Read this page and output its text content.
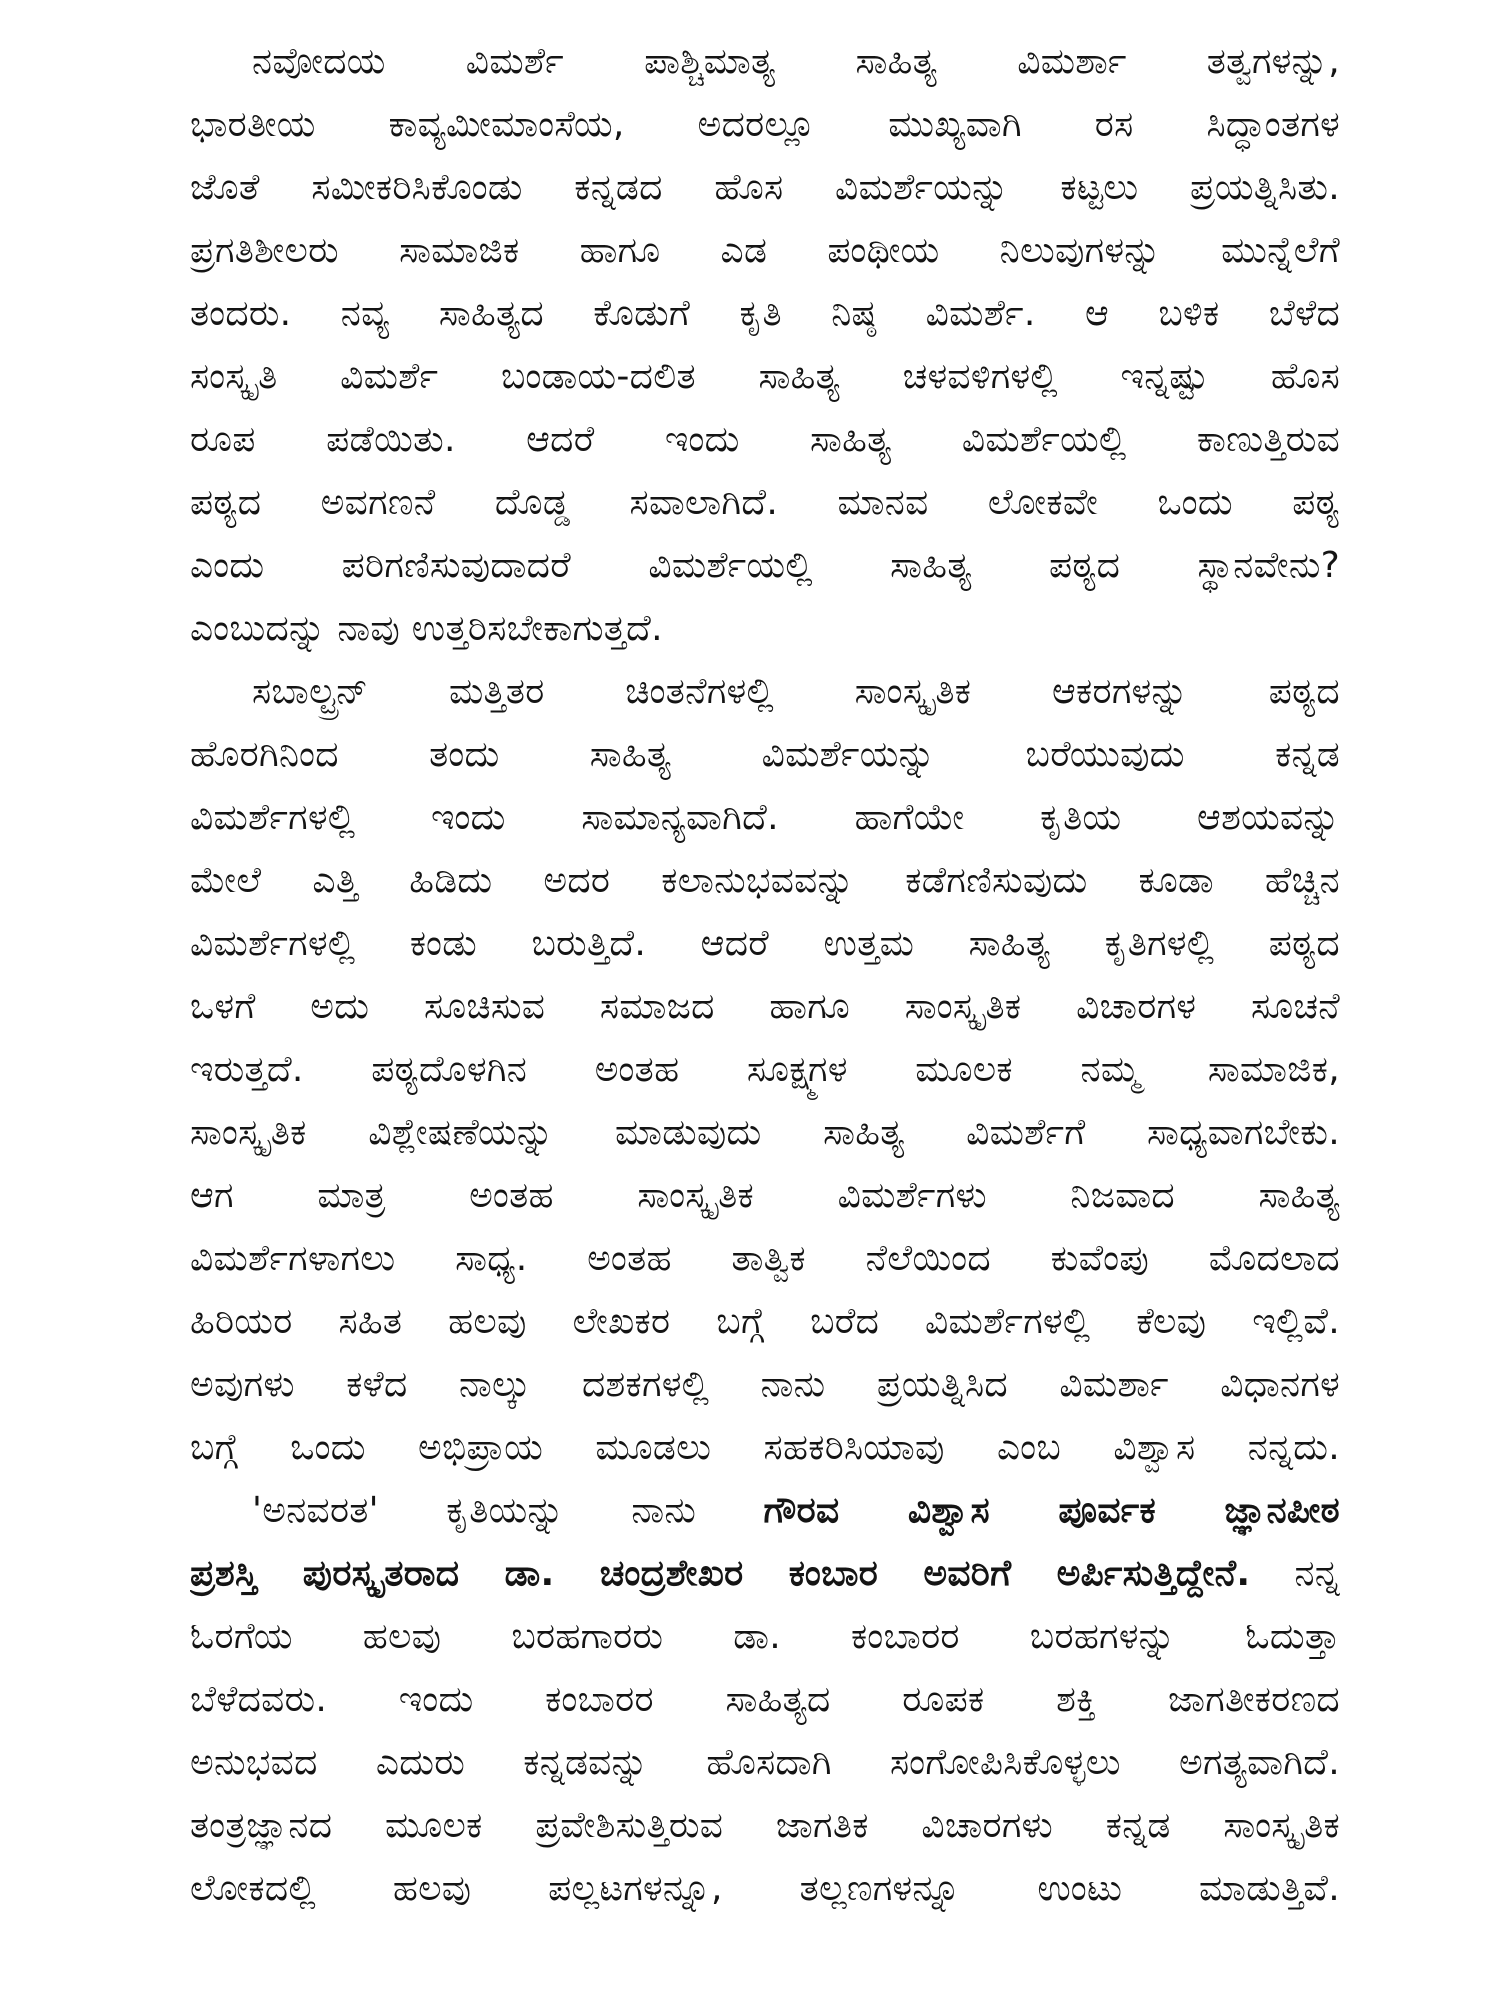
ನವೋದಯ ವಿಮರ್ಶೆ ಪಾಶ್ಚಿಮಾತ್ಯ ಸಾಹಿತ್ಯ ವಿಮರ್ಶಾ ತತ್ವಗಳನ್ನು,
ಭಾರತೀಯ ಕಾವ್ಯಮೀಮಾಂಸೆಯ, ಅದರಲ್ಲೂ ಮುಖ್ಯವಾಗಿ ರಸ ಸಿದ್ಧಾಂತಗಳ
ಜೊತೆ ಸಮೀಕರಿಸಿಕೊಂಡು ಕನ್ನಡದ ಹೊಸ ವಿಮರ್ಶೆಯನ್ನು ಕಟ್ಟಲು ಪ್ರಯತ್ನಿಸಿತು.
ಪ್ರಗತಿಶೀಲರು ಸಾಮಾಜಿಕ ಹಾಗೂ ಎಡ ಪಂಥೀಯ ನಿಲುವುಗಳನ್ನು ಮುನ್ನೆಲೆಗೆ
ತಂದರು. ನವ್ಯ ಸಾಹಿತ್ಯದ ಕೊಡುಗೆ ಕೃತಿ ನಿಷ್ಠ ವಿಮರ್ಶೆ. ಆ ಬಳಿಕ ಬೆಳೆದ
ಸಂಸ್ಕೃತಿ ವಿಮರ್ಶೆ ಬಂಡಾಯ-ದಲಿತ ಸಾಹಿತ್ಯ ಚಳವಳಿಗಳಲ್ಲಿ ಇನ್ನಷ್ಟು ಹೊಸ
ರೂಪ ಪಡೆಯಿತು. ಆದರೆ ಇಂದು ಸಾಹಿತ್ಯ ವಿಮರ್ಶೆಯಲ್ಲಿ ಕಾಣುತ್ತಿರುವ
ಪಠ್ಯದ ಅವಗಣನೆ ದೊಡ್ಡ ಸವಾಲಾಗಿದೆ. ಮಾನವ ಲೋಕವೇ ಒಂದು ಪಠ್ಯ
ಎಂದು ಪರಿಗಣಿಸುವುದಾದರೆ ವಿಮರ್ಶೆಯಲ್ಲಿ ಸಾಹಿತ್ಯ ಪಠ್ಯದ ಸ್ಥಾನವೇನು?
ಎಂಬುದನ್ನು ನಾವು ಉತ್ತರಿಸಬೇಕಾಗುತ್ತದೆ.
ಸಬಾಲ್ಟ್ರನ್ ಮತ್ತಿತರ ಚಿಂತನೆಗಳಲ್ಲಿ ಸಾಂಸ್ಕೃತಿಕ ಆಕರಗಳನ್ನು ಪಠ್ಯದ
ಹೊರಗಿನಿಂದ ತಂದು ಸಾಹಿತ್ಯ ವಿಮರ್ಶೆಯನ್ನು ಬರೆಯುವುದು ಕನ್ನಡ
ವಿಮರ್ಶೆಗಳಲ್ಲಿ ಇಂದು ಸಾಮಾನ್ಯವಾಗಿದೆ. ಹಾಗೆಯೇ ಕೃತಿಯ ಆಶಯವನ್ನು
ಮೇಲೆ ಎತ್ತಿ ಹಿಡಿದು ಅದರ ಕಲಾನುಭವವನ್ನು ಕಡೆಗಣಿಸುವುದು ಕೂಡಾ ಹೆಚ್ಚಿನ
ವಿಮರ್ಶೆಗಳಲ್ಲಿ ಕಂಡು ಬರುತ್ತಿದೆ. ಆದರೆ ಉತ್ತಮ ಸಾಹಿತ್ಯ ಕೃತಿಗಳಲ್ಲಿ ಪಠ್ಯದ
ಒಳಗೆ ಅದು ಸೂಚಿಸುವ ಸಮಾಜದ ಹಾಗೂ ಸಾಂಸ್ಕೃತಿಕ ವಿಚಾರಗಳ ಸೂಚನೆ
ಇರುತ್ತದೆ. ಪಠ್ಯದೊಳಗಿನ ಅಂತಹ ಸೂಕ್ಷ್ಮಗಳ ಮೂಲಕ ನಮ್ಮ ಸಾಮಾಜಿಕ,
ಸಾಂಸ್ಕೃತಿಕ ವಿಶ್ಲೇಷಣೆಯನ್ನು ಮಾಡುವುದು ಸಾಹಿತ್ಯ ವಿಮರ್ಶೆಗೆ ಸಾಧ್ಯವಾಗಬೇಕು.
ಆಗ ಮಾತ್ರ ಅಂತಹ ಸಾಂಸ್ಕೃತಿಕ ವಿಮರ್ಶೆಗಳು ನಿಜವಾದ ಸಾಹಿತ್ಯ
ವಿಮರ್ಶೆಗಳಾಗಲು ಸಾಧ್ಯ. ಅಂತಹ ತಾತ್ವಿಕ ನೆಲೆಯಿಂದ ಕುವೆಂಪು ಮೊದಲಾದ
ಹಿರಿಯರ ಸಹಿತ ಹಲವು ಲೇಖಕರ ಬಗ್ಗೆ ಬರೆದ ವಿಮರ್ಶೆಗಳಲ್ಲಿ ಕೆಲವು ಇಲ್ಲಿವೆ.
ಅವುಗಳು ಕಳೆದ ನಾಲ್ಕು ದಶಕಗಳಲ್ಲಿ ನಾನು ಪ್ರಯತ್ನಿಸಿದ ವಿಮರ್ಶಾ ವಿಧಾನಗಳ
ಬಗ್ಗೆ ಒಂದು ಅಭಿಪ್ರಾಯ ಮೂಡಲು ಸಹಕರಿಸಿಯಾವು ಎಂಬ ವಿಶ್ವಾಸ ನನ್ನದು.
'ಅನವರತ' ಕೃತಿಯನ್ನು ನಾನು ಗೌರವ ವಿಶ್ವಾಸ ಪೂರ್ವಕ ಜ್ಞಾನಪೀಠ
ಪ್ರಶಸ್ತಿ ಪುರಸ್ಕೃತರಾದ ಡಾ. ಚಂದ್ರಶೇಖರ ಕಂಬಾರ ಅವರಿಗೆ ಅರ್ಪಿಸುತ್ತಿದ್ದೇನೆ. ನನ್ನ
ಓರಗೆಯ ಹಲವು ಬರಹಗಾರರು ಡಾ. ಕಂಬಾರರ ಬರಹಗಳನ್ನು ಓದುತ್ತಾ
ಬೆಳೆದವರು. ಇಂದು ಕಂಬಾರರ ಸಾಹಿತ್ಯದ ರೂಪಕ ಶಕ್ತಿ ಜಾಗತೀಕರಣದ
ಅನುಭವದ ಎದುರು ಕನ್ನಡವನ್ನು ಹೊಸದಾಗಿ ಸಂಗೋಪಿಸಿಕೊಳ್ಳಲು ಅಗತ್ಯವಾಗಿದೆ.
ತಂತ್ರಜ್ಞಾನದ ಮೂಲಕ ಪ್ರವೇಶಿಸುತ್ತಿರುವ ಜಾಗತಿಕ ವಿಚಾರಗಳು ಕನ್ನಡ ಸಾಂಸ್ಕೃತಿಕ
ಲೋಕದಲ್ಲಿ ಹಲವು ಪಲ್ಲಟಗಳನ್ನೂ, ತಲ್ಲಣಗಳನ್ನೂ ಉಂಟು ಮಾಡುತ್ತಿವೆ.
